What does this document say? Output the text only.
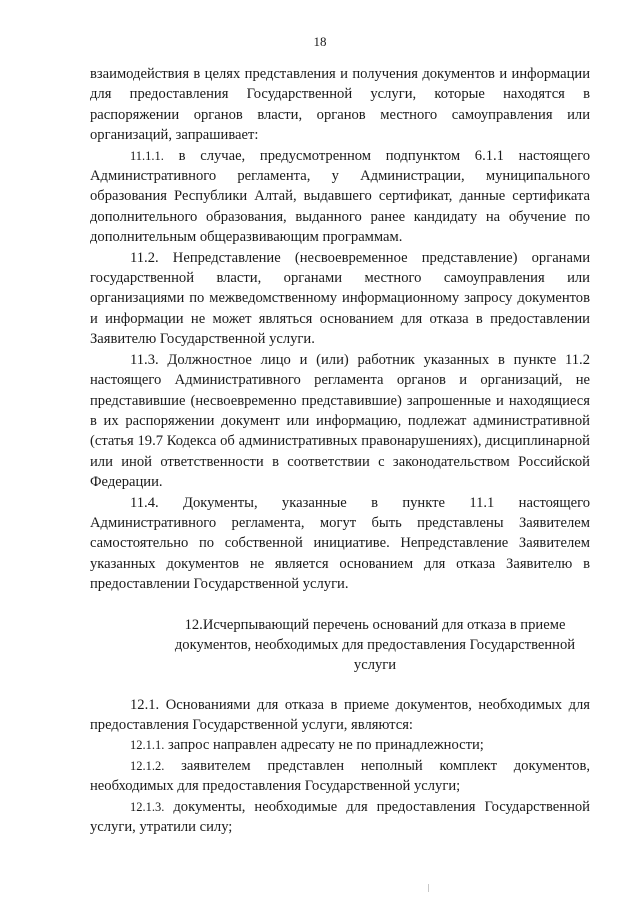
18

взаимодействия в целях представления и получения документов и информации для предоставления Государственной услуги, которые находятся в распоряжении органов власти, органов местного самоуправления или организаций, запрашивает:

11.1.1. в случае, предусмотренном подпунктом 6.1.1 настоящего Административного регламента, у Администрации, муниципального образования Республики Алтай, выдавшего сертификат, данные сертификата дополнительного образования, выданного ранее кандидату на обучение по дополнительным общеразвивающим программам.

11.2. Непредставление (несвоевременное представление) органами государственной власти, органами местного самоуправления или организациями по межведомственному информационному запросу документов и информации не может являться основанием для отказа в предоставлении Заявителю Государственной услуги.

11.3. Должностное лицо и (или) работник указанных в пункте 11.2 настоящего Административного регламента органов и организаций, не представившие (несвоевременно представившие) запрошенные и находящиеся в их распоряжении документ или информацию, подлежат административной (статья 19.7 Кодекса об административных правонарушениях), дисциплинарной или иной ответственности в соответствии с законодательством Российской Федерации.

11.4. Документы, указанные в пункте 11.1 настоящего Административного регламента, могут быть представлены Заявителем самостоятельно по собственной инициативе. Непредставление Заявителем указанных документов не является основанием для отказа Заявителю в предоставлении Государственной услуги.

12.Исчерпывающий перечень оснований для отказа в приеме документов, необходимых для предоставления Государственной услуги

12.1. Основаниями для отказа в приеме документов, необходимых для предоставления Государственной услуги, являются:

12.1.1. запрос направлен адресату не по принадлежности;

12.1.2. заявителем представлен неполный комплект документов, необходимых для предоставления Государственной услуги;

12.1.3. документы, необходимые для предоставления Государственной услуги, утратили силу;
